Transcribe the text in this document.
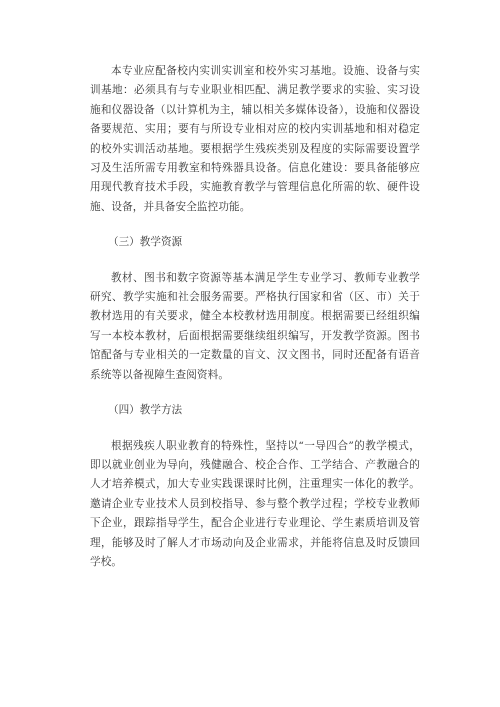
本专业应配备校内实训实训室和校外实习基地。设施、设备与实训基地：必须具有与专业职业相匹配、满足教学要求的实验、实习设施和仪器设备（以计算机为主，辅以相关多媒体设备），设施和仪器设备要规范、实用；要有与所设专业相对应的校内实训基地和相对稳定的校外实训活动基地。要根据学生残疾类别及程度的实际需要设置学习及生活所需专用教室和特殊器具设备。信息化建设：要具备能够应用现代教育技术手段，实施教育教学与管理信息化所需的软、硬件设施、设备，并具备安全监控功能。

（三）教学资源

教材、图书和数字资源等基本满足学生专业学习、教师专业教学研究、教学实施和社会服务需要。严格执行国家和省（区、市）关于教材选用的有关要求，健全本校教材选用制度。根据需要已经组织编写一本校本教材，后面根据需要继续组织编写，开发教学资源。图书馆配备与专业相关的一定数量的盲文、汉文图书，同时还配备有语音系统等以备视障生查阅资料。

（四）教学方法

根据残疾人职业教育的特殊性，坚持以“一导四合”的教学模式，即以就业创业为导向，残健融合、校企合作、工学结合、产教融合的人才培养模式，加大专业实践课课时比例，注重理实一体化的教学。邀请企业专业技术人员到校指导、参与整个教学过程；学校专业教师下企业，跟踪指导学生，配合企业进行专业理论、学生素质培训及管理，能够及时了解人才市场动向及企业需求，并能将信息及时反馈回学校。
